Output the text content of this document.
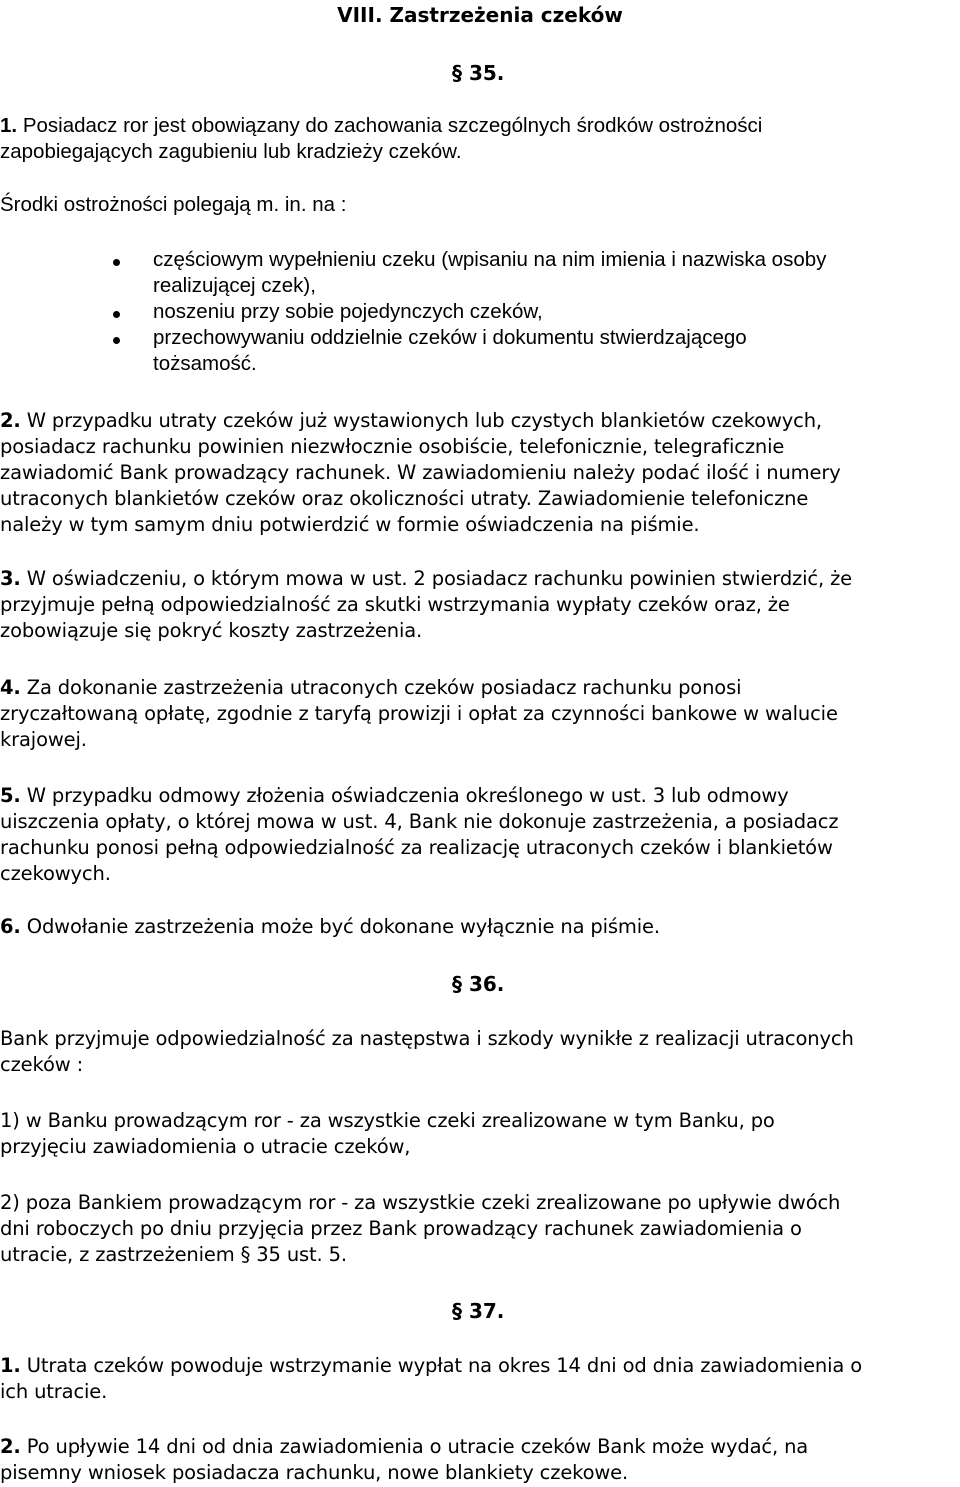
VIII. Zastrzeżenia czeków
§ 35.
1. Posiadacz ror jest obowiązany do zachowania szczególnych środków ostrożności
zapobiegających zagubieniu lub kradzieży czeków.
Środki ostrożności polegają m. in. na :
częściowym wypełnieniu czeku (wpisaniu na nim imienia i nazwiska osoby
realizującej czek),
noszeniu przy sobie pojedynczych czeków,
przechowywaniu oddzielnie czeków i dokumentu stwierdzającego
tożsamość.
2. W przypadku utraty czeków już wystawionych lub czystych blankietów czekowych,
posiadacz rachunku powinien niezwłocznie osobiście, telefonicznie, telegraficznie
zawiadomić Bank prowadzący rachunek. W zawiadomieniu należy podać ilość i numery
utraconych blankietów czeków oraz okoliczności utraty. Zawiadomienie telefoniczne
należy w tym samym dniu potwierdzić w formie oświadczenia na piśmie.
3. W oświadczeniu, o którym mowa w ust. 2 posiadacz rachunku powinien stwierdzić, że
przyjmuje pełną odpowiedzialność za skutki wstrzymania wypłaty czeków oraz, że
zobowiązuje się pokryć koszty zastrzeżenia.
4. Za dokonanie zastrzeżenia utraconych czeków posiadacz rachunku ponosi
zryczałtowaną opłatę, zgodnie z taryfą prowizji i opłat za czynności bankowe w walucie
krajowej.
5. W przypadku odmowy złożenia oświadczenia określonego w ust. 3 lub odmowy
uiszczenia opłaty, o której mowa w ust. 4, Bank nie dokonuje zastrzeżenia, a posiadacz
rachunku ponosi pełną odpowiedzialność za realizację utraconych czeków i blankietów
czekowych.
6. Odwołanie zastrzeżenia może być dokonane wyłącznie na piśmie.
§ 36.
Bank przyjmuje odpowiedzialność za następstwa i szkody wynikłe z realizacji utraconych
czeków :
1) w Banku prowadzącym ror - za wszystkie czeki zrealizowane w tym Banku, po
przyjęciu zawiadomienia o utracie czeków,
2) poza Bankiem prowadzącym ror - za wszystkie czeki zrealizowane po upływie dwóch
dni roboczych po dniu przyjęcia przez Bank prowadzący rachunek zawiadomienia o
utracie, z zastrzeżeniem § 35 ust. 5.
§ 37.
1. Utrata czeków powoduje wstrzymanie wypłat na okres 14 dni od dnia zawiadomienia o
ich utracie.
2. Po upływie 14 dni od dnia zawiadomienia o utracie czeków Bank może wydać, na
pisemny wniosek posiadacza rachunku, nowe blankiety czekowe.
